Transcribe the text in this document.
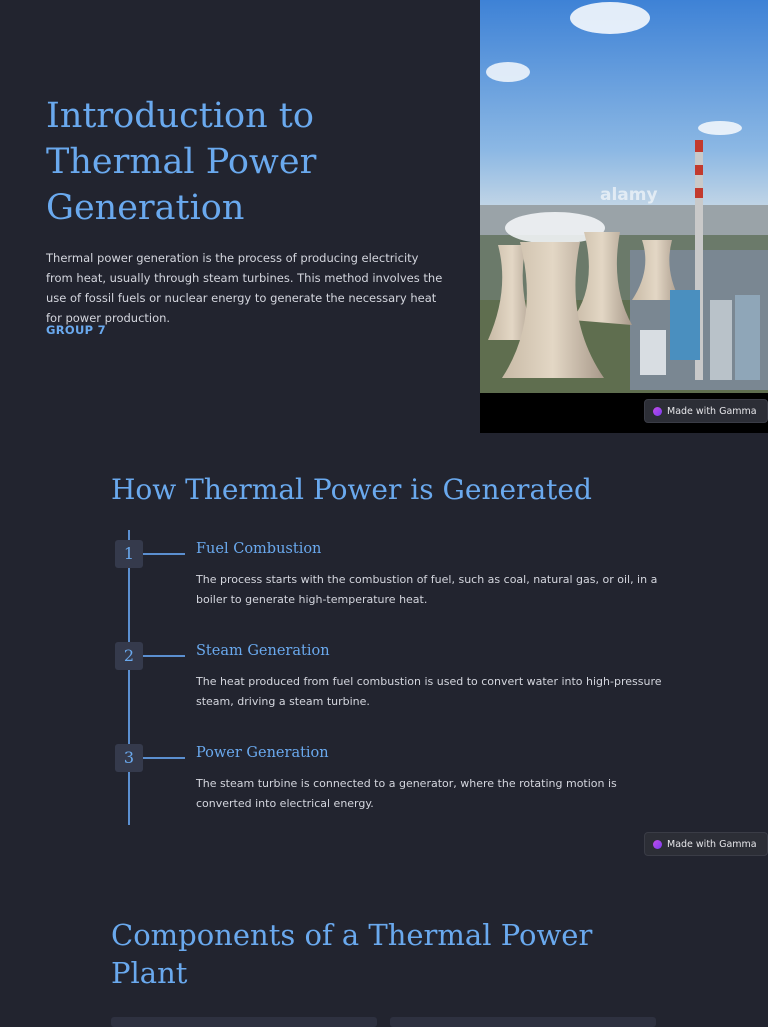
Introduction to Thermal Power Generation

Thermal power generation is the process of producing electricity from heat, usually through steam turbines. This method involves the use of fossil fuels or nuclear energy to generate the necessary heat for power production.

GROUP 7
alamy
Made with Gamma
How Thermal Power is Generated
1	Fuel Combustion

The process starts with the combustion of fuel, such as coal, natural gas, or oil, in a boiler to generate high-temperature heat.

2	Steam Generation

The heat produced from fuel combustion is used to convert water into high-pressure steam, driving a steam turbine.

3	Power Generation

The steam turbine is connected to a generator, where the rotating motion is converted into electrical energy.

Made with Gamma
Components of a Thermal Power Plant
